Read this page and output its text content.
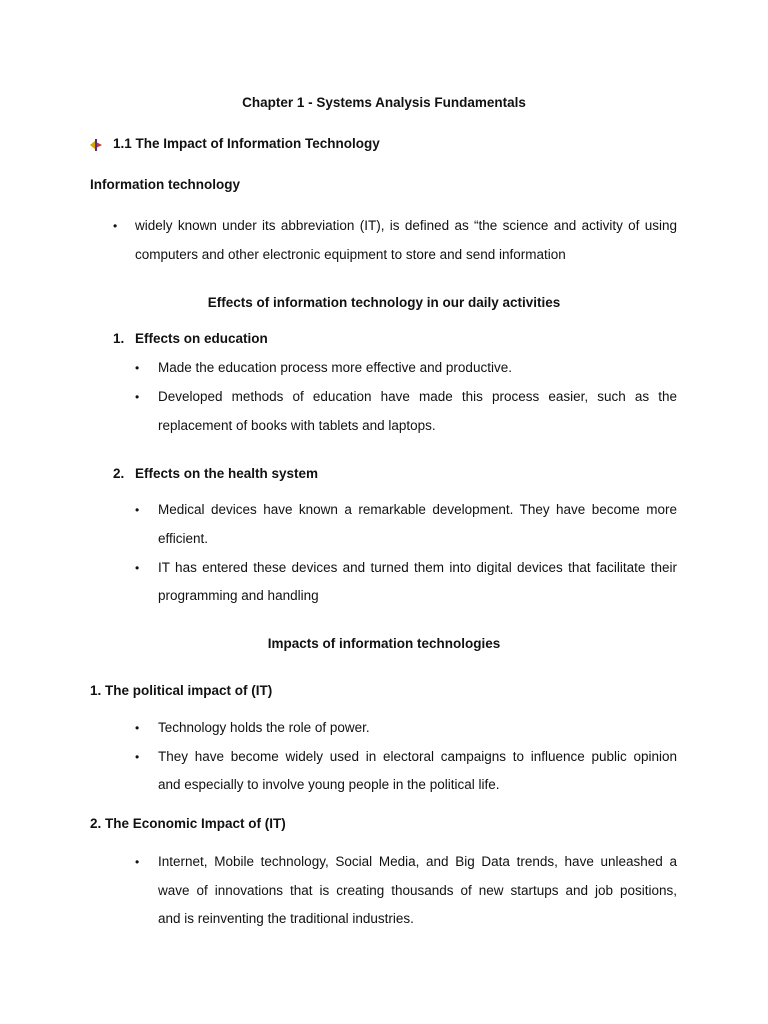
Chapter 1 - Systems Analysis Fundamentals
1.1 The Impact of Information Technology
Information technology
• widely known under its abbreviation (IT), is defined as “the science and activity of using
computers and other electronic equipment to store and send information
Effects of information technology in our daily activities
1. Effects on education
• Made the education process more effective and productive.
• Developed methods of education have made this process easier, such as the
replacement of books with tablets and laptops.
2. Effects on the health system
• Medical devices have known a remarkable development. They have become more
efficient.
• IT has entered these devices and turned them into digital devices that facilitate their
programming and handling
Impacts of information technologies
1. The political impact of (IT)
• Technology holds the role of power.
• They have become widely used in electoral campaigns to influence public opinion
and especially to involve young people in the political life.
2. The Economic Impact of (IT)
• Internet, Mobile technology, Social Media, and Big Data trends, have unleashed a
wave of innovations that is creating thousands of new startups and job positions,
and is reinventing the traditional industries.
